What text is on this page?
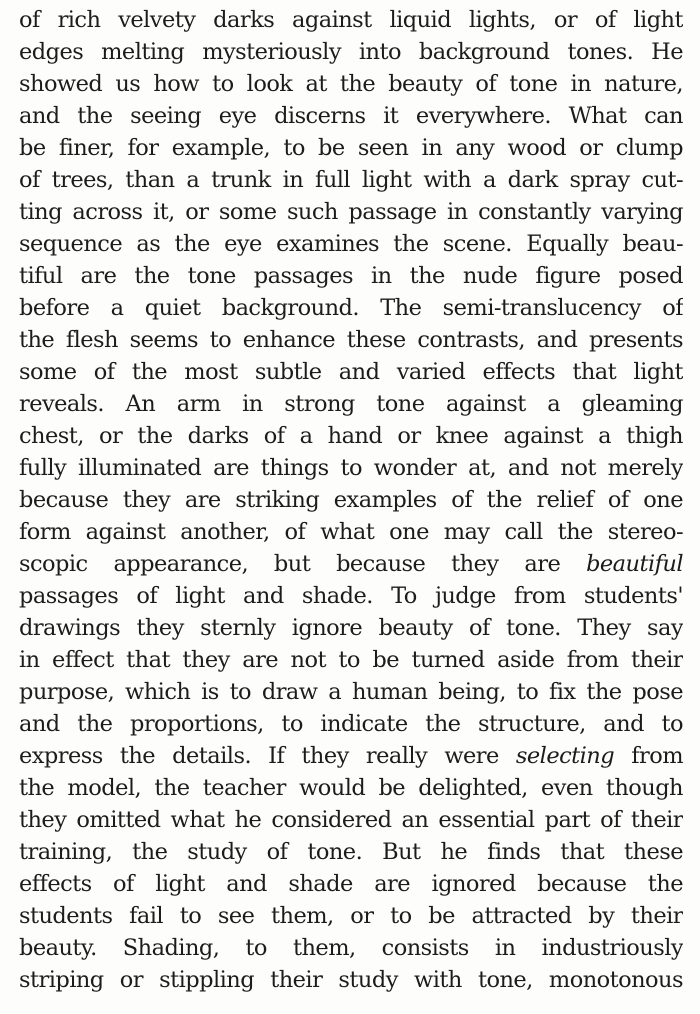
of rich velvety darks against liquid lights, or of light
edges melting mysteriously into background tones. He
showed us how to look at the beauty of tone in nature,
and the seeing eye discerns it everywhere. What can
be finer, for example, to be seen in any wood or clump
of trees, than a trunk in full light with a dark spray cut-
ting across it, or some such passage in constantly varying
sequence as the eye examines the scene. Equally beau-
tiful are the tone passages in the nude figure posed
before a quiet background. The semi-translucency of
the flesh seems to enhance these contrasts, and presents
some of the most subtle and varied effects that light
reveals. An arm in strong tone against a gleaming
chest, or the darks of a hand or knee against a thigh
fully illuminated are things to wonder at, and not merely
because they are striking examples of the relief of one
form against another, of what one may call the stereo-
scopic appearance, but because they are beautiful
passages of light and shade. To judge from students'
drawings they sternly ignore beauty of tone. They say
in effect that they are not to be turned aside from their
purpose, which is to draw a human being, to fix the pose
and the proportions, to indicate the structure, and to
express the details. If they really were selecting from
the model, the teacher would be delighted, even though
they omitted what he considered an essential part of their
training, the study of tone. But he finds that these
effects of light and shade are ignored because the
students fail to see them, or to be attracted by their
beauty. Shading, to them, consists in industriously
striping or stippling their study with tone, monotonous
